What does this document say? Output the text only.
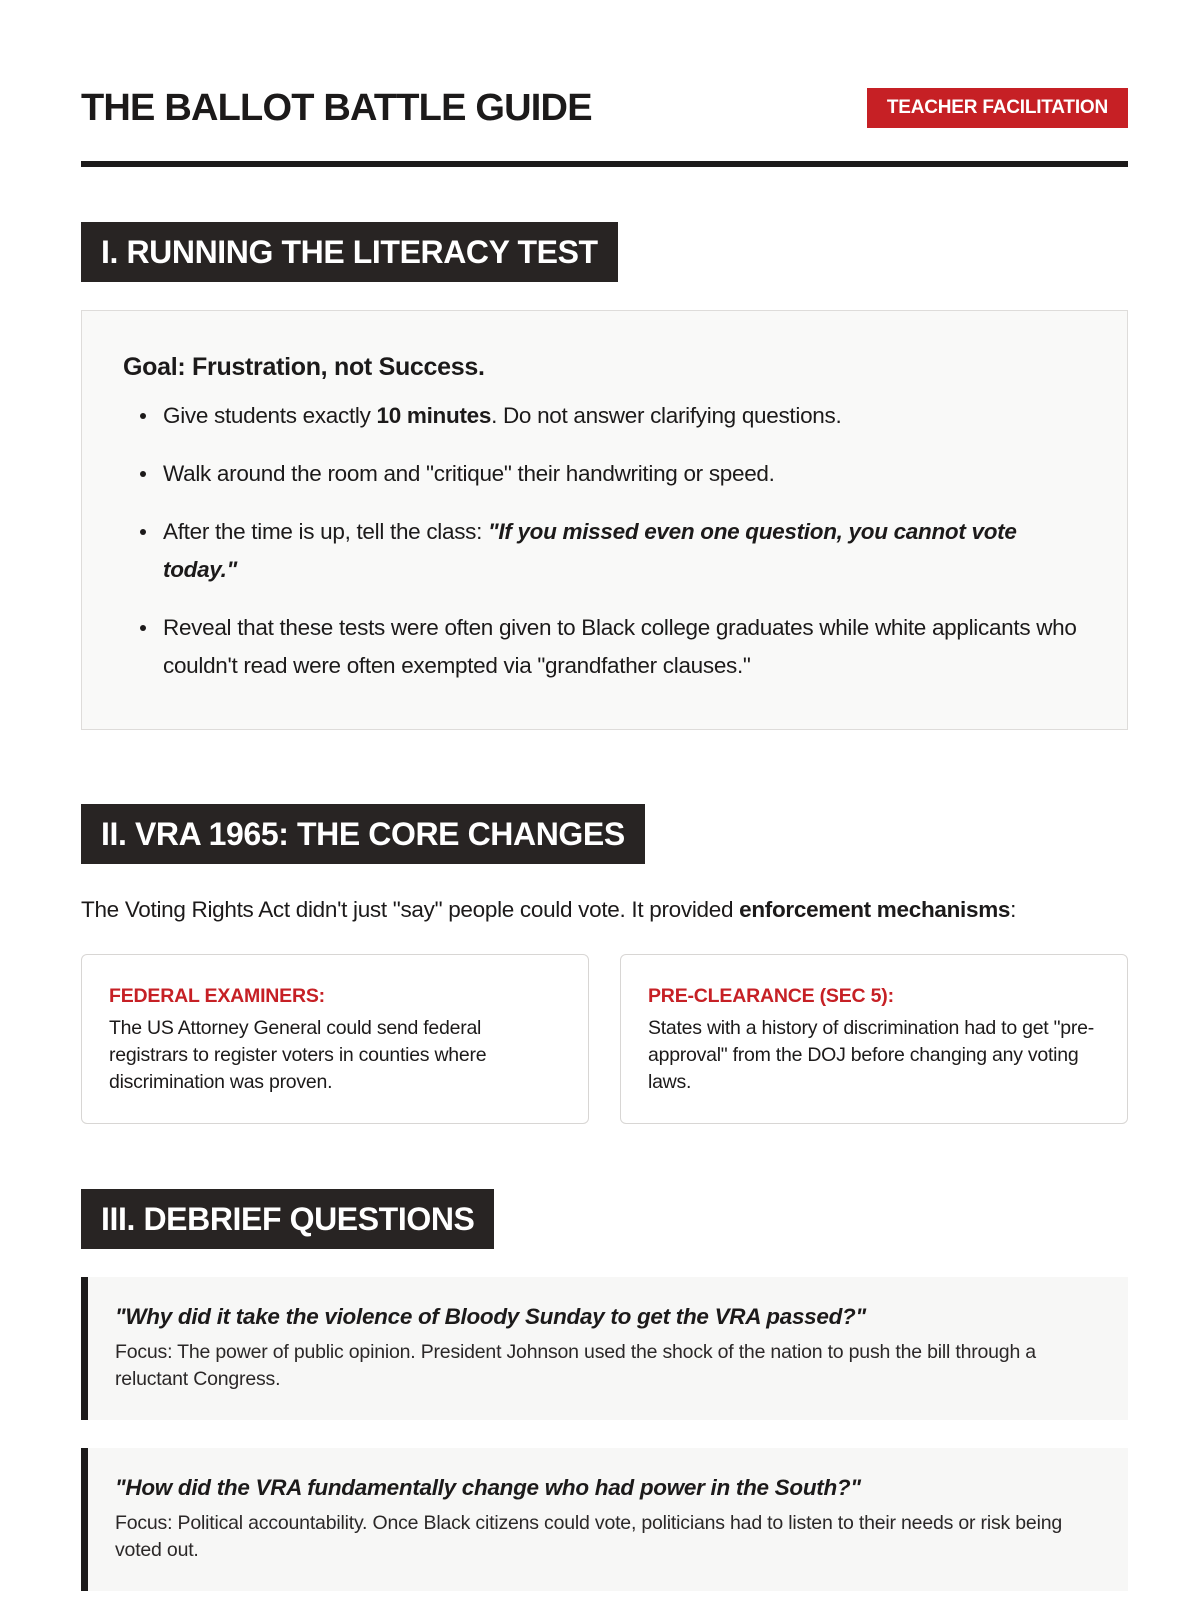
THE BALLOT BATTLE GUIDE	TEACHER FACILITATION
I. RUNNING THE LITERACY TEST

Goal: Frustration, not Success.

Give students exactly 10 minutes. Do not answer clarifying questions.
Walk around the room and "critique" their handwriting or speed.
After the time is up, tell the class: "If you missed even one question, you cannot vote today."
Reveal that these tests were often given to Black college graduates while white applicants who couldn't read were often exempted via "grandfather clauses."
II. VRA 1965: THE CORE CHANGES

The Voting Rights Act didn't just "say" people could vote. It provided enforcement mechanisms:

FEDERAL EXAMINERS:

The US Attorney General could send federal registrars to register voters in counties where discrimination was proven.

PRE-CLEARANCE (SEC 5):

States with a history of discrimination had to get "pre-approval" from the DOJ before changing any voting laws.

III. DEBRIEF QUESTIONS

"Why did it take the violence of Bloody Sunday to get the VRA passed?"

Focus: The power of public opinion. President Johnson used the shock of the nation to push the bill through a reluctant Congress.

"How did the VRA fundamentally change who had power in the South?"

Focus: Political accountability. Once Black citizens could vote, politicians had to listen to their needs or risk being voted out.
